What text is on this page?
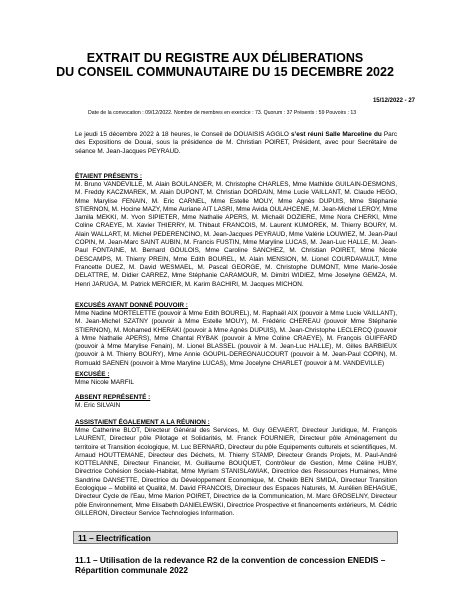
EXTRAIT DU REGISTRE AUX DÉLIBERATIONS
DU CONSEIL COMMUNAUTAIRE DU 15 DECEMBRE 2022
15/12/2022 - 27
Date de la convocation : 09/12/2022. Nombre de membres en exercice : 73. Quorum : 37 Présents : 59 Pouvoirs : 13
Le jeudi 15 décembre 2022 à 18 heures, le Conseil de DOUAISIS AGGLO s’est réuni Salle Marceline du Parc des Expositions de Douai, sous la présidence de M. Christian POIRET, Président, avec pour Secrétaire de séance M. Jean-Jacques PEYRAUD.
ÉTAIENT PRÉSENTS :
M. Bruno VANDEVILLE, M. Alain BOULANGER, M. Christophe CHARLES, Mme Mathilde GUILAIN-DESMONS, M. Freddy KACZMAREK, M. Alain DUPONT, M. Christian DORDAIN, Mme Lucie VAILLANT, M. Claude HEGO, Mme Marylise FENAIN, M. Eric CARNEL, Mme Estelle MOUY, Mme Agnès DUPUIS, Mme Stéphanie STIERNON, M. Hocine MAZY, Mme Auriane AIT LASRI, Mme Avida OULAHCENE, M. Jean-Michel LEROY, Mme Jamila MEKKI, M. Yvon SIPIETER, Mme Nathalie APERS, M. Michaël DOZIERE, Mme Nora CHERKI, Mme Coline CRAEYE, M. Xavier THIERRY, M. Thibaut FRANCOIS, M. Laurent KUMOREK, M. Thierry BOURY, M. Alain WALLART, M. Michel PEDERENCINO, M. Jean-Jacques PEYRAUD, Mme Valérie LOUWIEZ, M. Jean-Paul COPIN, M. Jean-Marc SAINT AUBIN, M. Francis FUSTIN, Mme Maryline LUCAS, M. Jean-Luc HALLE, M. Jean-Paul FONTAINE, M. Bernard GOULOIS, Mme Caroline SANCHEZ, M. Christian POIRET, Mme Nicole DESCAMPS, M. Thierry PREIN, Mme Edith BOUREL, M. Alain MENSION, M. Lionel COURDAVAULT, Mme Francette DUEZ, M. David WESMAEL, M. Pascal GEORGE, M. Christophe DUMONT, Mme Marie-Josée DELATTRE, M. Didier CARREZ, Mme Stéphanie CARAMOUR, M. Dimitri WIDIEZ, Mme Joselyne GEMZA, M. Henri JARUGA, M. Patrick MERCIER, M. Karim BACHIRI, M. Jacques MICHON.
EXCUSÉS AYANT DONNÉ POUVOIR :
Mme Nadine MORTELETTE (pouvoir à Mme Edith BOUREL), M. Raphaël AIX (pouvoir à Mme Lucie VAILLANT), M. Jean-Michel SZATNY (pouvoir à Mme Estelle MOUY), M. Frédéric CHEREAU (pouvoir Mme Stéphanie STIERNON), M. Mohamed KHERAKI (pouvoir à Mme Agnès DUPUIS), M. Jean-Christophe LECLERCQ (pouvoir à Mme Nathalie APERS), Mme Chantal RYBAK (pouvoir à Mme Coline CRAEYE), M. François GUIFFARD (pouvoir à Mme Marylise Fenain), M. Lionel BLASSEL (pouvoir à M. Jean-Luc HALLE), M. Gilles BARBIEUX (pouvoir à M. Thierry BOURY), Mme Annie GOUPIL-DEREGNAUCOURT (pouvoir à M. Jean-Paul COPIN), M. Romuald SAENEN (pouvoir à Mme Maryline LUCAS), Mme Jocelyne CHARLET (pouvoir à M. VANDEVILLE)
EXCUSÉE :
Mme Nicole MARFIL
ABSENT REPRÉSENTÉ :
M. Eric SILVAIN
ASSISTAIENT ÉGALEMENT A LA RÉUNION :
Mme Catherine BLOT, Directeur Général des Services, M. Guy GEVAERT, Directeur Juridique, M. François LAURENT, Directeur pôle Pilotage et Solidarités, M. Franck FOURNIER, Directeur pôle Aménagement du territoire et Transition écologique, M. Luc BERNARD, Directeur du pôle Equipements culturels et scientifiques, M. Arnaud HOUTTEMANE, Directeur des Déchets, M. Thierry STAMP, Directeur Grands Projets, M. Paul-André KOTTELANNE, Directeur Financier, M. Guillaume BOUQUET, Contrôleur de Gestion, Mme Céline HUBY, Directrice Cohésion Sociale-Habitat, Mme Myriam STANISLAWIAK, Directrice des Ressources Humaines, Mme Sandrine DANSETTE, Directrice du Développement Economique, M. Chekib BEN SMIDA, Directeur Transition Ecologique – Mobilité et Qualité, M. David FRANCOIS, Directeur des Espaces Naturels, M. Aurélien BEHAGUE, Directeur Cycle de l’Eau, Mme Marion POIRET, Directrice de la Communication, M. Marc GROSELNY, Directeur pôle Environnement, Mme Elisabeth DANIELEWSKI, Directrice Prospective et financements extérieurs, M. Cédric GILLERON, Directeur Service Technologies Information.
11 – Electrification
11.1 – Utilisation de la redevance R2 de la convention de concession ENEDIS – Répartition communale 2022
